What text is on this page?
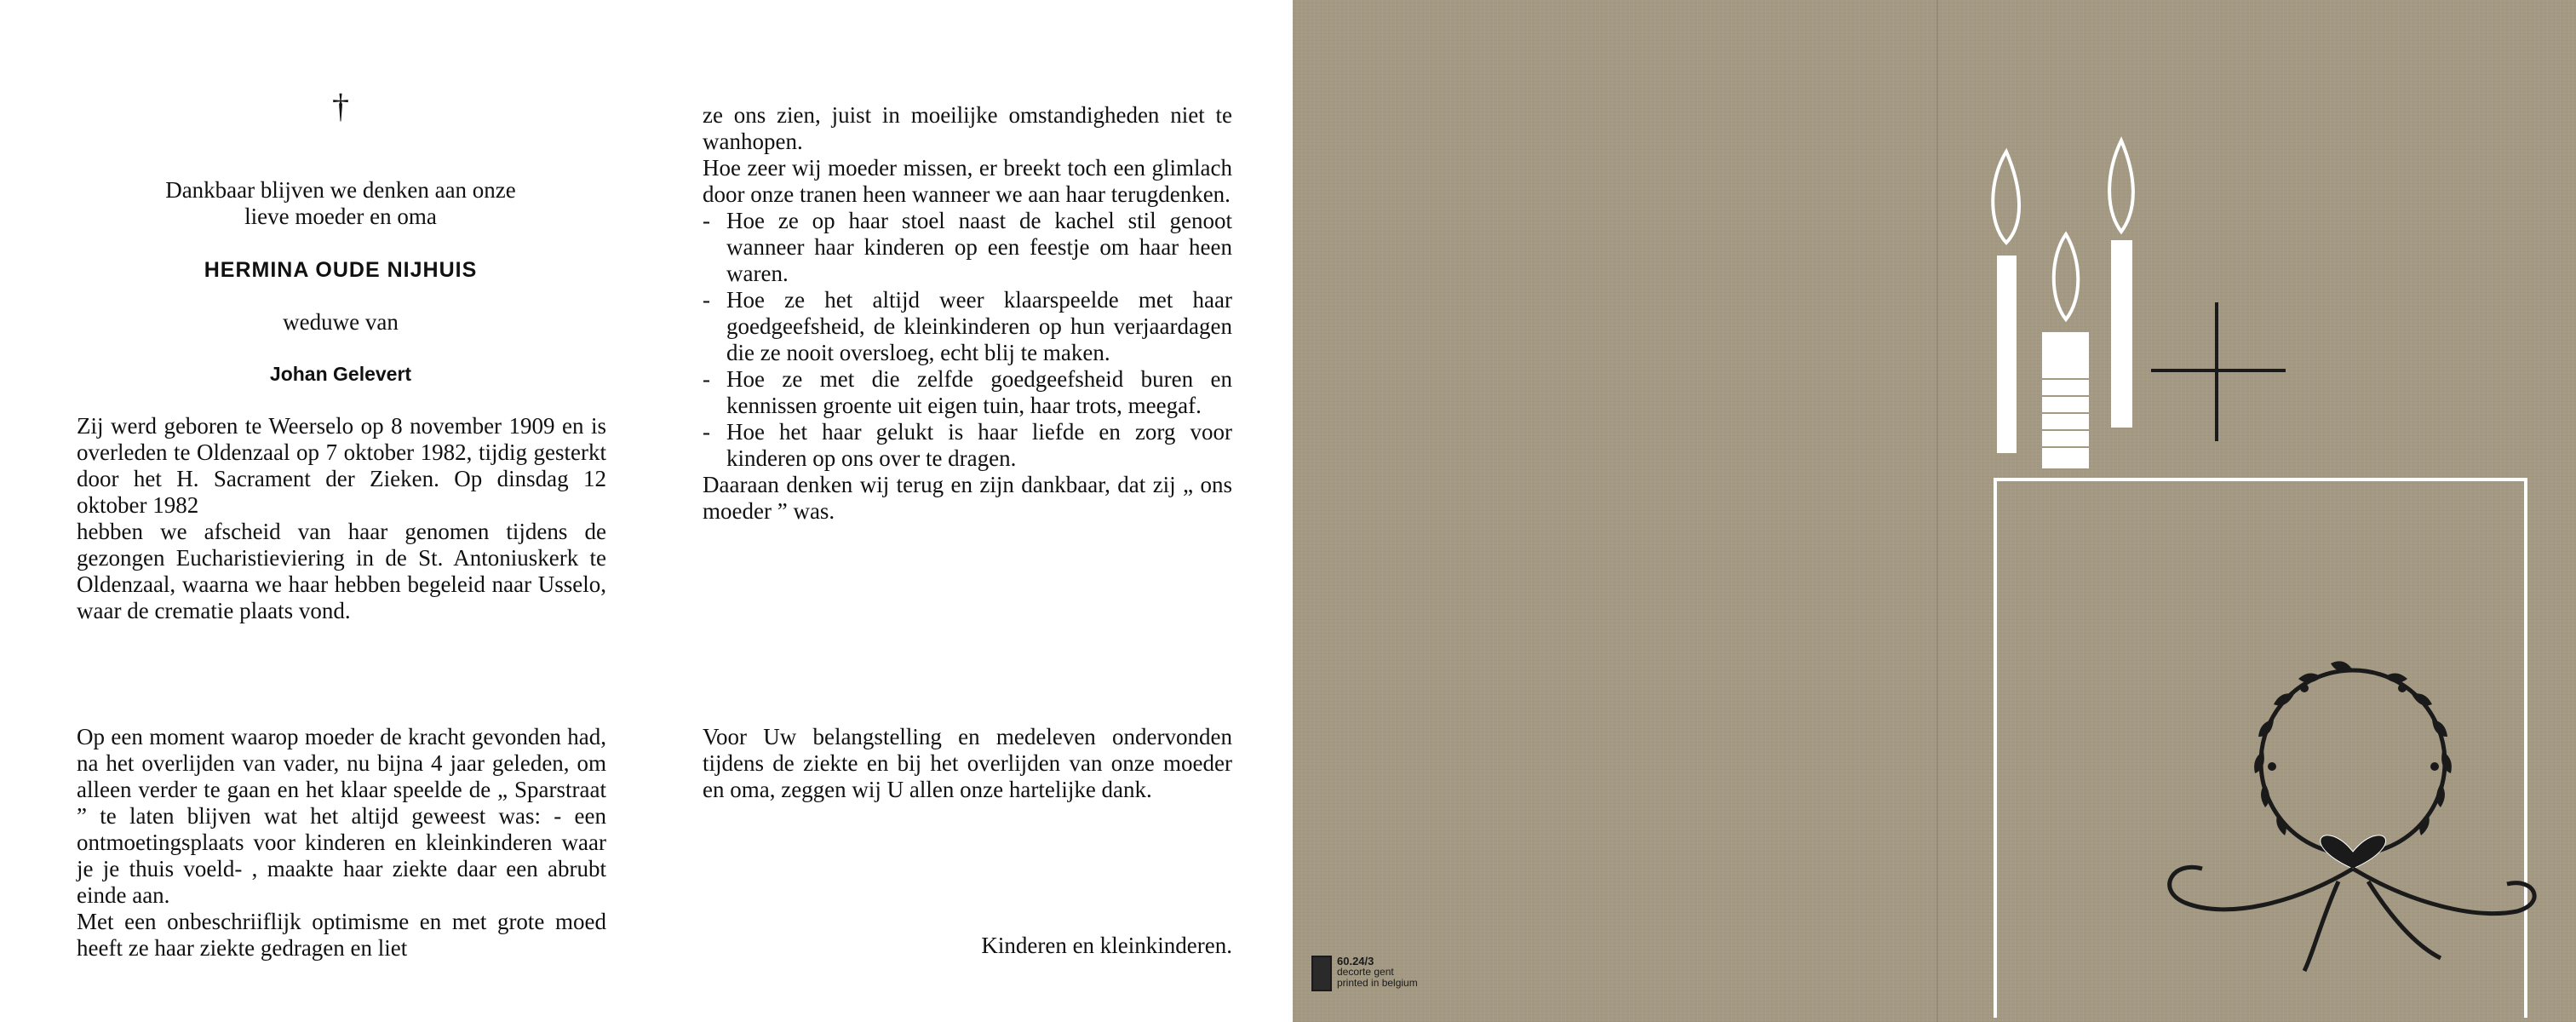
†

Dankbaar blijven we denken aan onze

lieve moeder en oma

HERMINA OUDE NIJHUIS
weduwe van
Johan Gelevert

Zij werd geboren te Weerselo op 8 november 1909 en is overleden te Oldenzaal op 7 oktober 1982, tijdig gesterkt door het H. Sacrament der Zieken. Op dinsdag 12 oktober 1982

hebben we afscheid van haar genomen tijdens de gezongen Eucharistieviering in de St. Antoniuskerk te Oldenzaal, waarna we haar hebben begeleid naar Usselo, waar de crematie plaats vond.

Op een moment waarop moeder de kracht gevonden had, na het overlijden van vader, nu bijna 4 jaar geleden, om alleen verder te gaan en het klaar speelde de „ Sparstraat ” te laten blijven wat het altijd geweest was: - een ontmoetingsplaats voor kinderen en kleinkinderen waar je je thuis voeld- , maakte haar ziekte daar een abrubt einde aan.

Met een onbeschriiflijk optimisme en met grote moed heeft ze haar ziekte gedragen en liet

ze ons zien, juist in moeilijke omstandigheden niet te wanhopen.

Hoe zeer wij moeder missen, er breekt toch een glimlach door onze tranen heen wanneer we aan haar terugdenken.

- Hoe ze op haar stoel naast de kachel stil genoot wanneer haar kinderen op een feestje om haar heen waren.
- Hoe ze het altijd weer klaarspeelde met haar goedgeefsheid, de kleinkinderen op hun verjaardagen die ze nooit oversloeg, echt blij te maken.
- Hoe ze met die zelfde goedgeefsheid buren en kennissen groente uit eigen tuin, haar trots, meegaf.
- Hoe het haar gelukt is haar liefde en zorg voor kinderen op ons over te dragen.

Daaraan denken wij terug en zijn dankbaar, dat zij „ ons moeder ” was.

Voor Uw belangstelling en medeleven ondervonden tijdens de ziekte en bij het overlijden van onze moeder en oma, zeggen wij U allen onze hartelijke dank.
Kinderen en kleinkinderen.
60.24/3
decorte gent
printed in belgium
